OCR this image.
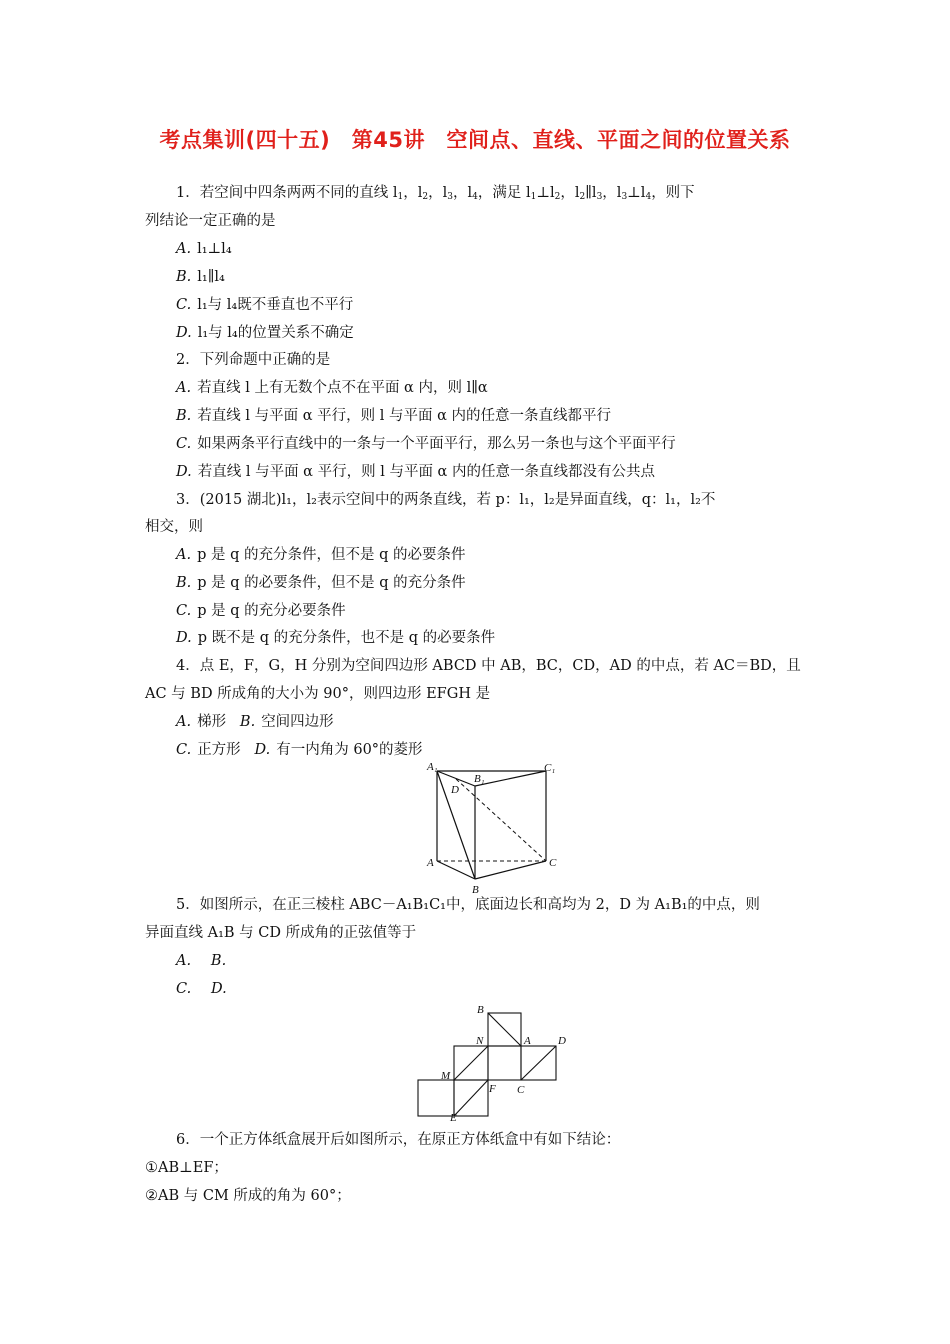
考点集训(四十五)　第45讲　空间点、直线、平面之间的位置关系
1．若空间中四条两两不同的直线 $l_1$，$l_2$，$l_3$，$l_4$，满足 $l_1\perp l_2$，$l_2\parallel l_3$，$l_3\perp l_4$，则下
列结论一定正确的是
A. l₁⊥l₄
B. l₁∥l₄
C. l₁与 l₄既不垂直也不平行
D. l₁与 l₄的位置关系不确定
2．下列命题中正确的是
A. 若直线 l 上有无数个点不在平面 α 内，则 l∥α
B. 若直线 l 与平面 α 平行，则 l 与平面 α 内的任意一条直线都平行
C. 如果两条平行直线中的一条与一个平面平行，那么另一条也与这个平面平行
D. 若直线 l 与平面 α 平行，则 l 与平面 α 内的任意一条直线都没有公共点
3．(2015 湖北)l₁，l₂表示空间中的两条直线，若 p：l₁，l₂是异面直线，q：l₁，l₂不
相交，则
A. p 是 q 的充分条件，但不是 q 的必要条件
B. p 是 q 的必要条件，但不是 q 的充分条件
C. p 是 q 的充分必要条件
D. p 既不是 q 的充分条件，也不是 q 的必要条件
4．点 E，F，G，H 分别为空间四边形 ABCD 中 AB，BC，CD，AD 的中点，若 AC＝BD，且
AC 与 BD 所成角的大小为 90°，则四边形 EFGH 是
A. 梯形 B. 空间四边形
C. 正方形 D. 有一内角为 60°的菱形
A₁
B₁
C₁
D
A
B
C
5．如图所示，在正三棱柱 ABC－A₁B₁C₁中，底面边长和高均为 2，D 为 A₁B₁的中点，则
异面直线 A₁B 与 CD 所成角的正弦值等于
A. B.
C. D.
B
N	A D
M
F C
E
6．一个正方体纸盒展开后如图所示，在原正方体纸盒中有如下结论：
①AB⊥EF；
②AB 与 CM 所成的角为 60°；
